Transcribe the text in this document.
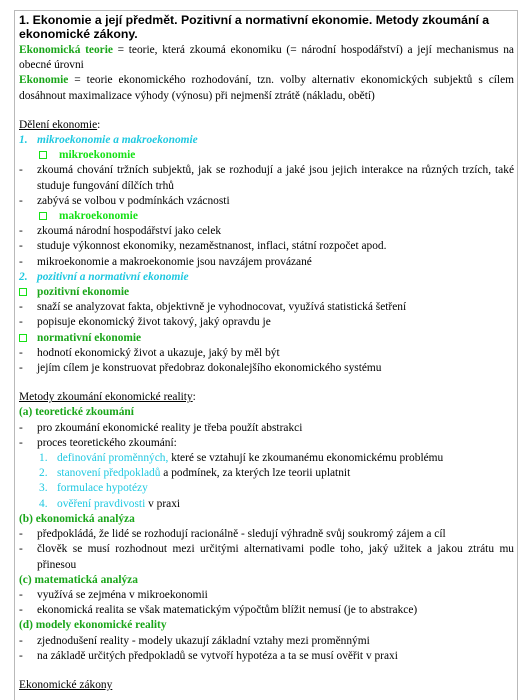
1. Ekonomie a její předmět. Pozitivní a normativní ekonomie. Metody zkoumání a ekonomické zákony.
Ekonomická teorie = teorie, která zkoumá ekonomiku (= národní hospodářství) a její mechanismus na obecné úrovni
Ekonomie = teorie ekonomického rozhodování, tzn. volby alternativ ekonomických subjektů s cílem dosáhnout maximalizace výhody (výnosu) při nejmenší ztrátě (nákladu, obětí)
Dělení ekonomie:
1. mikroekonomie a makroekonomie
mikroekonomie
-	zkoumá chování tržních subjektů, jak se rozhodují a jaké jsou jejich interakce na různých trzích, také studuje fungování dílčích trhů
-	zabývá se volbou v podmínkách vzácnosti
makroekonomie
-	zkoumá národní hospodářství jako celek
-	studuje výkonnost ekonomiky, nezaměstnanost, inflaci, státní rozpočet apod.
-	mikroekonomie a makroekonomie jsou navzájem provázané
2. pozitivní a normativní ekonomie
pozitivní ekonomie
-	snaží se analyzovat fakta, objektivně je vyhodnocovat, využívá statistická šetření
-	popisuje ekonomický život takový, jaký opravdu je
normativní ekonomie
-	hodnotí ekonomický život a ukazuje, jaký by měl být
-	jejím cílem je konstruovat předobraz dokonalejšího ekonomického systému
Metody zkoumání ekonomické reality:
(a) teoretické zkoumání
-	pro zkoumání ekonomické reality je třeba použít abstrakci
-	proces teoretického zkoumání:
1. definování proměnných, které se vztahují ke zkoumanému ekonomickému problému
2. stanovení předpokladů a podmínek, za kterých lze teorii uplatnit
3. formulace hypotézy
4. ověření pravdivosti v praxi
(b) ekonomická analýza
-	předpokládá, že lidé se rozhodují racionálně - sledují výhradně svůj soukromý zájem a cíl
-	člověk se musí rozhodnout mezi určitými alternativami podle toho, jaký užitek a jakou ztrátu mu přinesou
(c) matematická analýza
-	využívá se zejména v mikroekonomii
-	ekonomická realita se však matematickým výpočtům blížit nemusí (je to abstrakce)
(d) modely ekonomické reality
-	zjednodušení reality - modely ukazují základní vztahy mezi proměnnými
-	na základě určitých předpokladů se vytvoří hypotéza a ta se musí ověřit v praxi
Ekonomické zákony
